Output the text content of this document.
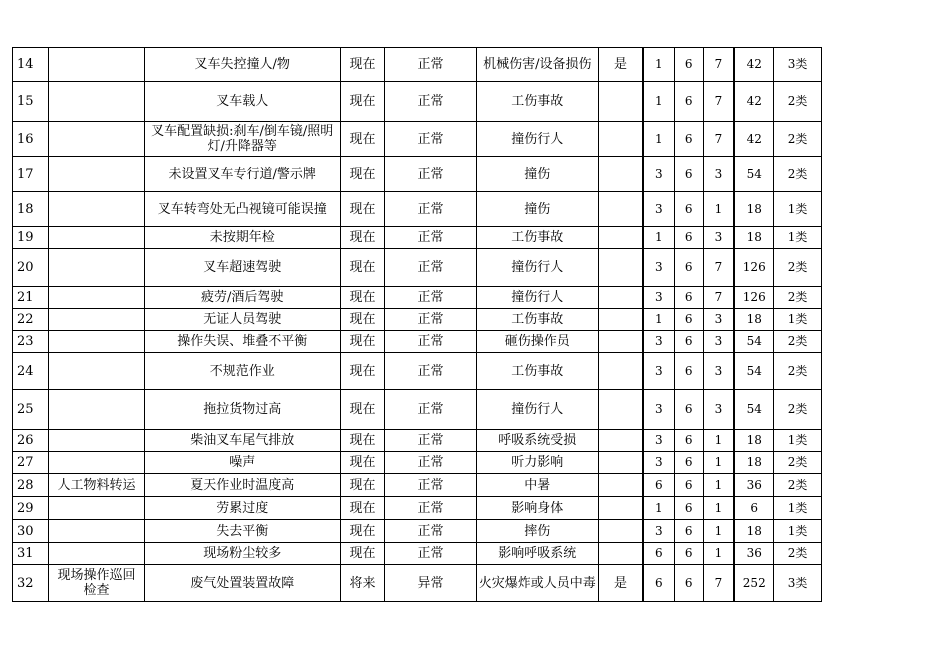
14		叉车失控撞人/物	现在	正常	机械伤害/设备损伤	是	1	6	7	42	3类
15		叉车载人	现在	正常	工伤事故		1	6	7	42	2类
16		叉车配置缺损:刹车/倒车镜/照明灯/升降器等	现在	正常	撞伤行人		1	6	7	42	2类
17		未设置叉车专行道/警示牌	现在	正常	撞伤		3	6	3	54	2类
18		叉车转弯处无凸视镜可能误撞	现在	正常	撞伤		3	6	1	18	1类
19		未按期年检	现在	正常	工伤事故		1	6	3	18	1类
20		叉车超速驾驶	现在	正常	撞伤行人		3	6	7	126	2类
21		疲劳/酒后驾驶	现在	正常	撞伤行人		3	6	7	126	2类
22		无证人员驾驶	现在	正常	工伤事故		1	6	3	18	1类
23		操作失误、堆叠不平衡	现在	正常	砸伤操作员		3	6	3	54	2类
24		不规范作业	现在	正常	工伤事故		3	6	3	54	2类
25		拖拉货物过高	现在	正常	撞伤行人		3	6	3	54	2类
26		柴油叉车尾气排放	现在	正常	呼吸系统受损		3	6	1	18	1类
27		噪声	现在	正常	听力影响		3	6	1	18	2类
28	人工物料转运	夏天作业时温度高	现在	正常	中暑		6	6	1	36	2类
29		劳累过度	现在	正常	影响身体		1	6	1	6	1类
30		失去平衡	现在	正常	摔伤		3	6	1	18	1类
31		现场粉尘较多	现在	正常	影响呼吸系统		6	6	1	36	2类
32	现场操作巡回检查	废气处置装置故障	将来	异常	火灾爆炸或人员中毒	是	6	6	7	252	3类
